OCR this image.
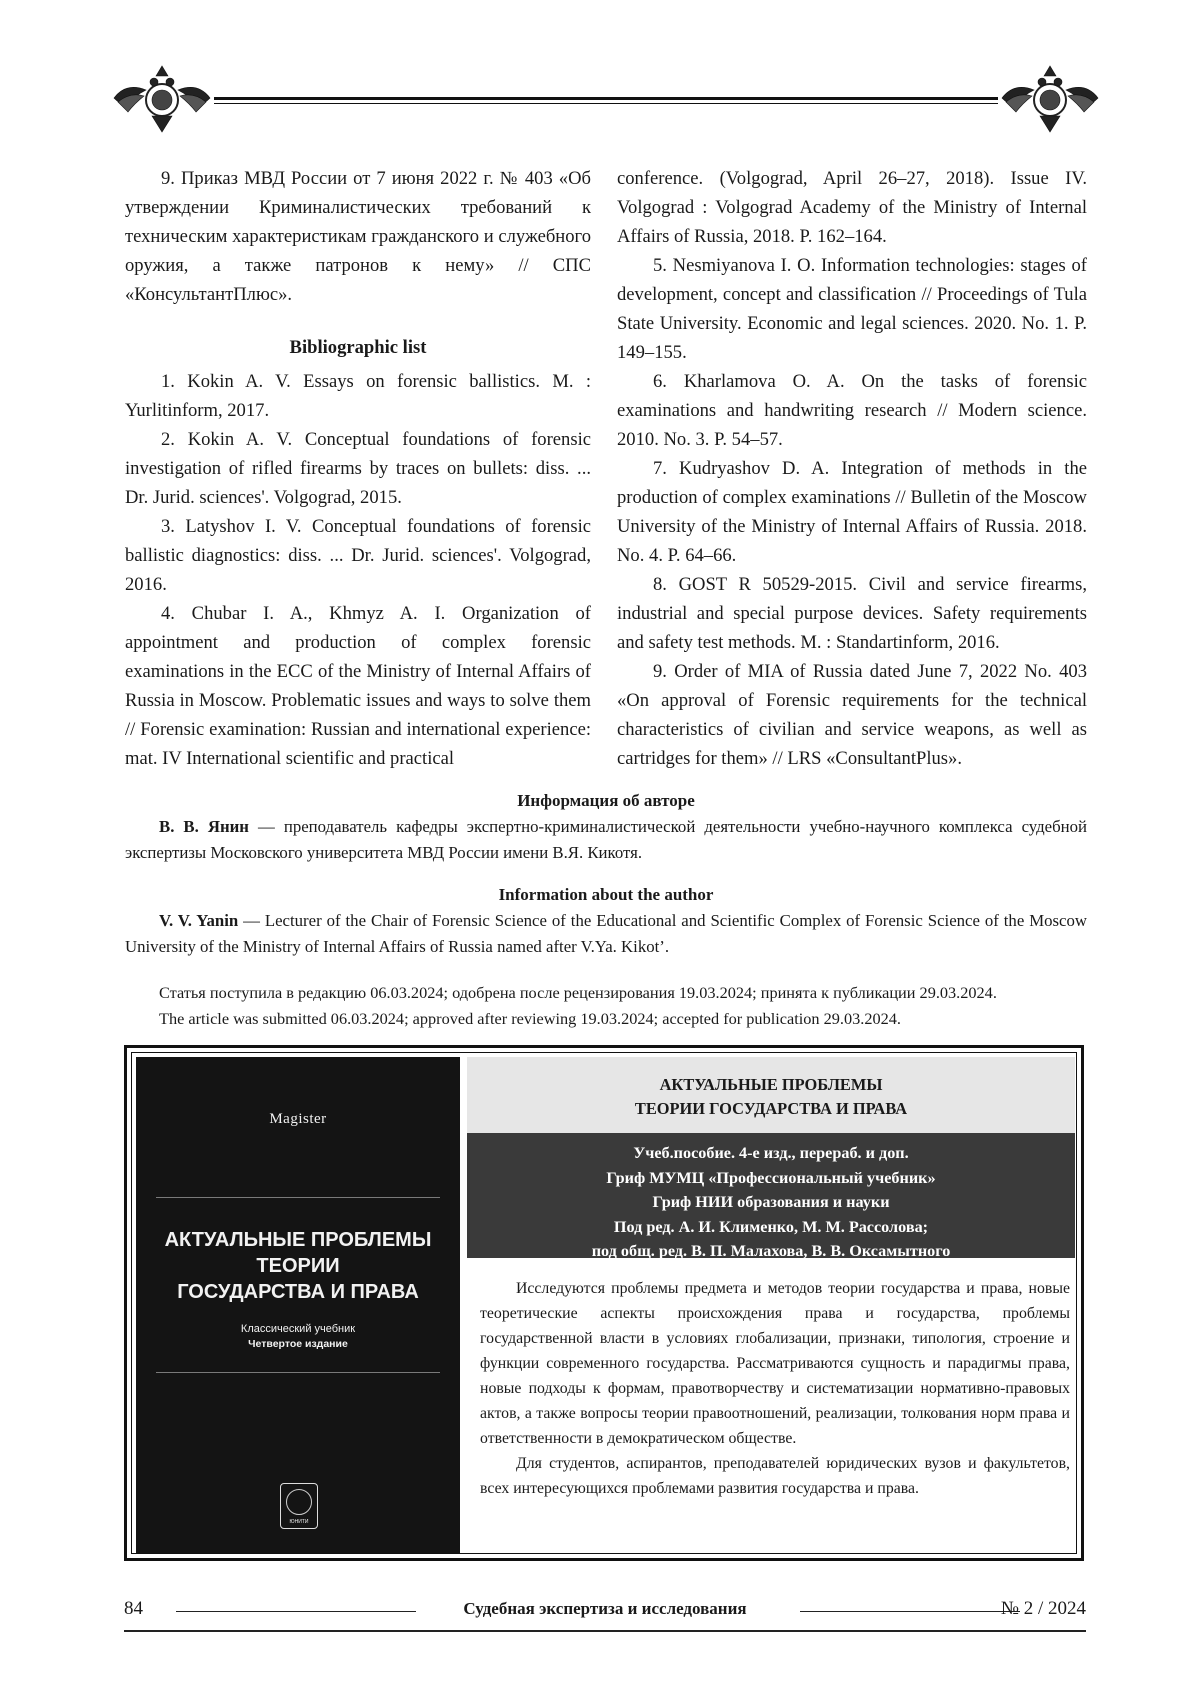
9. Приказ МВД России от 7 июня 2022 г. № 403 «Об утверждении Криминалистических требований к техническим характеристикам гражданского и служебного оружия, а также патронов к нему» // СПС «КонсультантПлюс».

Bibliographic list

1. Kokin A. V. Essays on forensic ballistics. M. : Yurlitinform, 2017.

2. Kokin A. V. Conceptual foundations of forensic investigation of rifled firearms by traces on bullets: diss. ... Dr. Jurid. sciences'. Volgograd, 2015.

3. Latyshov I. V. Conceptual foundations of forensic ballistic diagnostics: diss. ... Dr. Jurid. sciences'. Volgograd, 2016.

4. Chubar I. A., Khmyz A. I. Organization of appointment and production of complex forensic examinations in the ECC of the Ministry of Internal Affairs of Russia in Moscow. Problematic issues and ways to solve them // Forensic examination: Russian and international experience: mat. IV International scientific and practical

conference. (Volgograd, April 26–27, 2018). Issue IV. Volgograd : Volgograd Academy of the Ministry of Internal Affairs of Russia, 2018. P. 162–164.

5. Nesmiyanova I. O. Information technologies: stages of development, concept and classification // Proceedings of Tula State University. Economic and legal sciences. 2020. No. 1. P. 149–155.

6. Kharlamova O. A. On the tasks of forensic examinations and handwriting research // Modern science. 2010. No. 3. P. 54–57.

7. Kudryashov D. A. Integration of methods in the production of complex examinations // Bulletin of the Moscow University of the Ministry of Internal Affairs of Russia. 2018. No. 4. P. 64–66.

8. GOST R 50529-2015. Civil and service firearms, industrial and special purpose devices. Safety requirements and safety test methods. M. : Standartinform, 2016.

9. Order of MIA of Russia dated June 7, 2022 No. 403 «On approval of Forensic requirements for the technical characteristics of civilian and service weapons, as well as cartridges for them» // LRS «ConsultantPlus».

Информация об авторе

В. В. Янин — преподаватель кафедры экспертно-криминалистической деятельности учебно-научного комплекса судебной экспертизы Московского университета МВД России имени В.Я. Кикотя.

Information about the author

V. V. Yanin — Lecturer of the Chair of Forensic Science of the Educational and Scientific Complex of Forensic Science of the Moscow University of the Ministry of Internal Affairs of Russia named after V.Ya. Kikot’.

Статья поступила в редакцию 06.03.2024; одобрена после рецензирования 19.03.2024; принята к публикации 29.03.2024.

The article was submitted 06.03.2024; approved after reviewing 19.03.2024; accepted for publication 29.03.2024.

Magister
АКТУАЛЬНЫЕ ПРОБЛЕМЫ
ТЕОРИИ
ГОСУДАРСТВА И ПРАВА
Классический учебник
Четвертое издание
ЮНИТИ
АКТУАЛЬНЫЕ ПРОБЛЕМЫ
ТЕОРИИ ГОСУДАРСТВА И ПРАВА
Учеб.пособие. 4-е изд., перераб. и доп.
Гриф МУМЦ «Профессиональный учебник»
Гриф НИИ образования и науки
Под ред. А. И. Клименко, М. М. Рассолова;
под общ. ред. В. П. Малахова, В. В. Оксамытного

Исследуются проблемы предмета и методов теории государства и права, новые теоретические аспекты происхождения права и государства, проблемы государственной власти в условиях глобализации, признаки, типология, строение и функции современного государства. Рассматриваются сущность и парадигмы права, новые подходы к формам, правотворчеству и систематизации нормативно-правовых актов, а также вопросы теории правоотношений, реализации, толкования норм права и ответственности в демократическом обществе.

Для студентов, аспирантов, преподавателей юридических вузов и факультетов, всех интересующихся проблемами развития государства и права.

84	Судебная экспертиза и исследования	№ 2 / 2024
